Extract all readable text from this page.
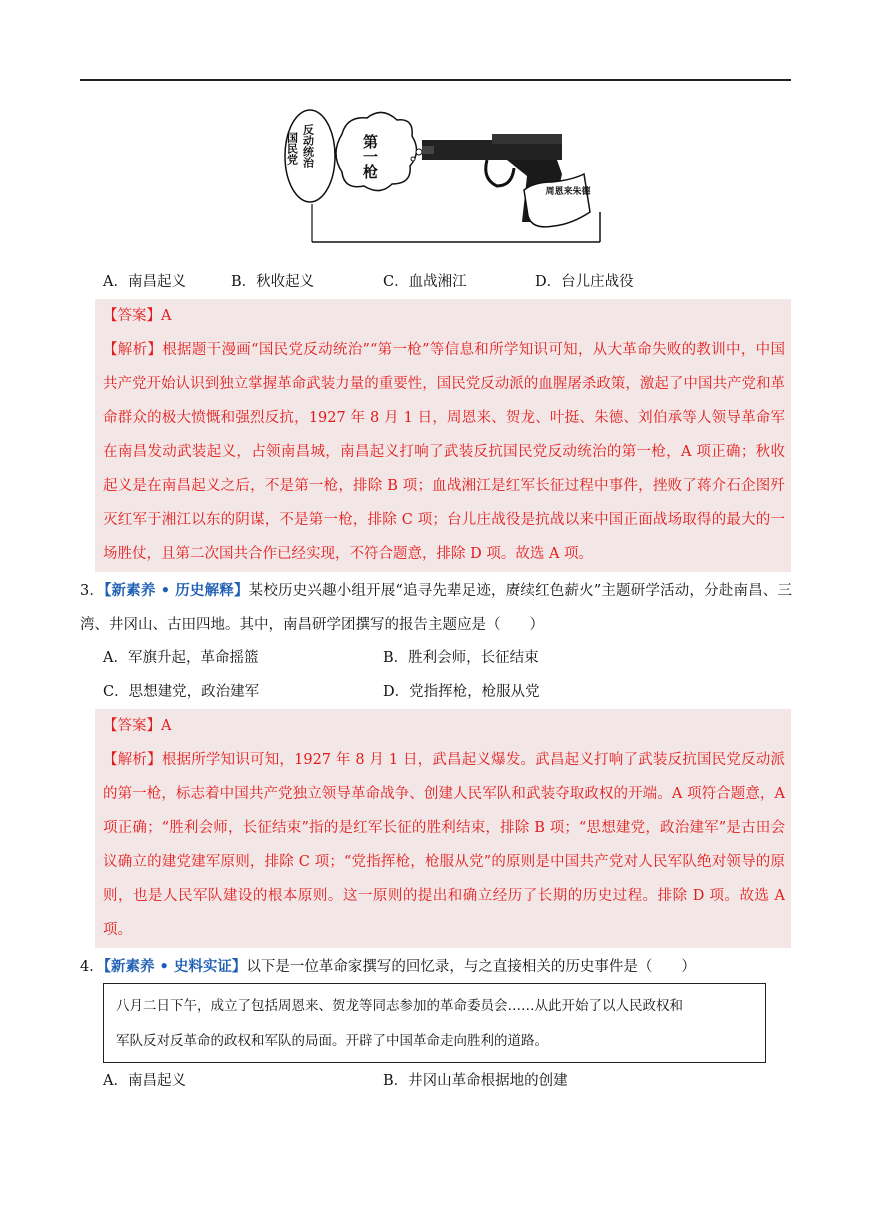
国民党 反动统治	第一枪
周恩来朱德
A．南昌起义	B．秋收起义	C．血战湘江	D．台儿庄战役
【答案】A
【解析】根据题干漫画“国民党反动统治”“第一枪”等信息和所学知识可知，从大革命失败的教训中，中国共产党开始认识到独立掌握革命武装力量的重要性，国民党反动派的血腥屠杀政策，激起了中国共产党和革命群众的极大愤慨和强烈反抗，1927 年 8 月 1 日，周恩来、贺龙、叶挺、朱德、刘伯承等人领导革命军在南昌发动武装起义，占领南昌城，南昌起义打响了武装反抗国民党反动统治的第一枪，A 项正确；秋收起义是在南昌起义之后，不是第一枪，排除 B 项；血战湘江是红军长征过程中事件，挫败了蒋介石企图歼灭红军于湘江以东的阴谋，不是第一枪，排除 C 项；台儿庄战役是抗战以来中国正面战场取得的最大的一场胜仗，且第二次国共合作已经实现，不符合题意，排除 D 项。故选 A 项。
3．【新素养 • 历史解释】某校历史兴趣小组开展“追寻先辈足迹，赓续红色薪火”主题研学活动，分赴南昌、三湾、井冈山、古田四地。其中，南昌研学团撰写的报告主题应是（　　）
A．军旗升起，革命摇篮	B．胜利会师，长征结束
C．思想建党，政治建军	D．党指挥枪，枪服从党
【答案】A
【解析】根据所学知识可知，1927 年 8 月 1 日，武昌起义爆发。武昌起义打响了武装反抗国民党反动派的第一枪，标志着中国共产党独立领导革命战争、创建人民军队和武装夺取政权的开端。A 项符合题意，A 项正确；“胜利会师，长征结束”指的是红军长征的胜利结束，排除 B 项；“思想建党，政治建军”是古田会议确立的建党建军原则，排除 C 项；“党指挥枪，枪服从党”的原则是中国共产党对人民军队绝对领导的原则，也是人民军队建设的根本原则。这一原则的提出和确立经历了长期的历史过程。排除 D 项。故选 A 项。
4．【新素养 • 史料实证】以下是一位革命家撰写的回忆录，与之直接相关的历史事件是（　　）

八月二日下午，成立了包括周恩来、贺龙等同志参加的革命委员会……从此开始了以人民政权和

军队反对反革命的政权和军队的局面。开辟了中国革命走向胜利的道路。

A．南昌起义	B．井冈山革命根据地的创建
